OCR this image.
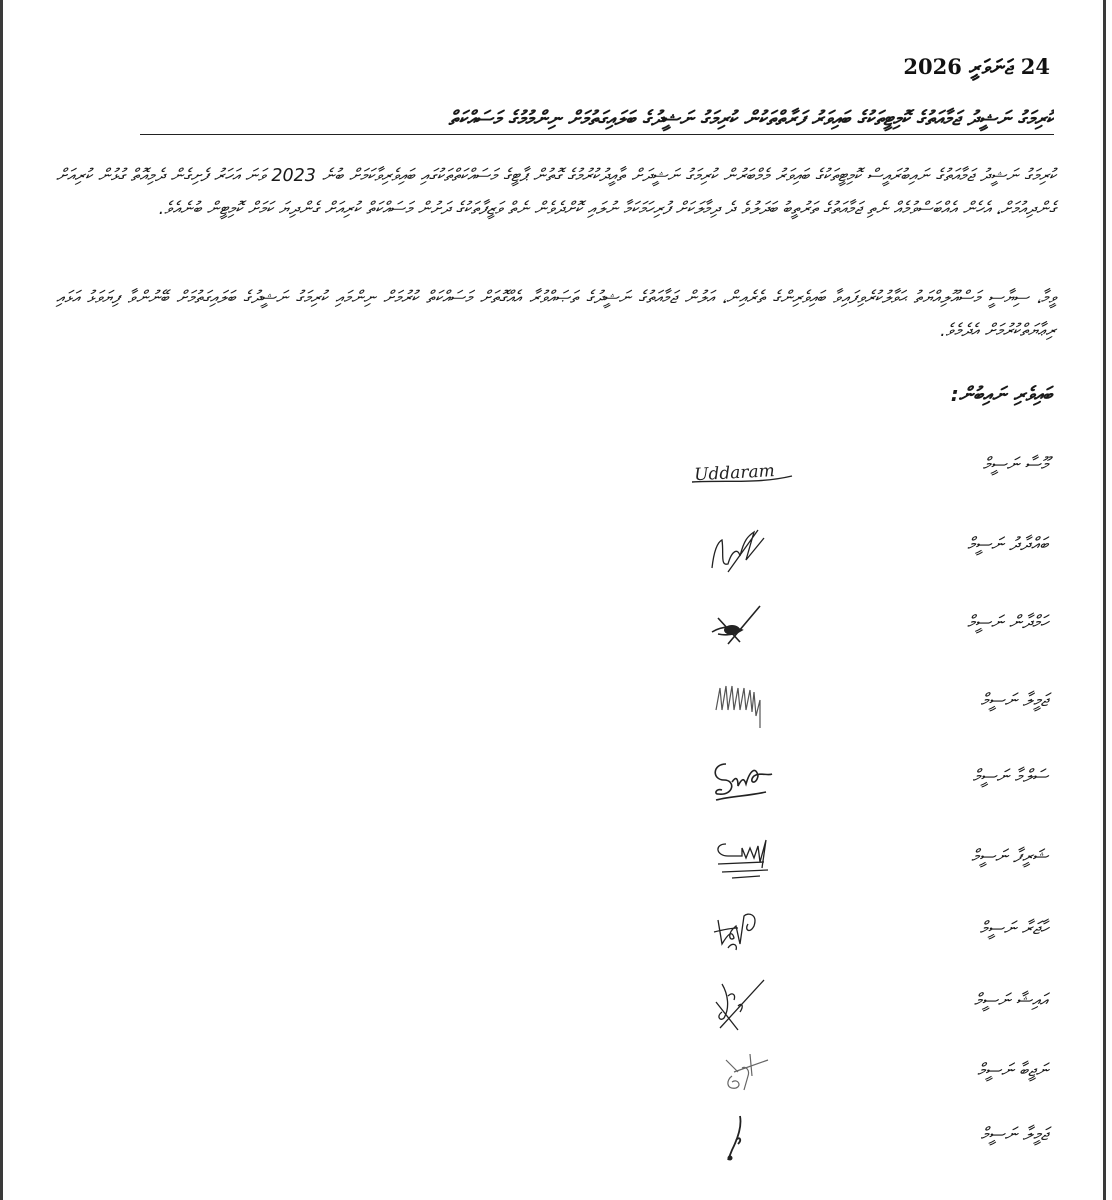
24 ޖަނަވަރީ 2026
ކުރިމަގު ނަޝީދު ޖަމާއަތުގެ ކޮމިޓީތަކުގެ ބައިވަރު ފަރާތްތަކުން ކުރިމަގު ނަޝީދުގެ ބަލައިގަތުމަށް ނިންމުމުގެ މަސައްކަތް
ކުރިމަގު ނަޝީދު ޖަމާއަތުގެ ނައިބުރައީސް ކޮމިޓީތަކުގެ ބައިވަރު މެމްބަރުން ކުރިމަގު ނަޝީދަށް ތާއީދުކުރުމުގެ ގޮތުން ޕާޓީގެ މަސައްކަތްތަކުގައި ބައިވެރިވާކަމަށް ބުނެ 2023 ވަނަ އަހަރު ފެށިގެން ދެމިއޮތް ގުޅުން ކުރިއަށް ގެންދިއުމަށް، އެހެން އެއްބަސްވުމެއް ނެތި ޖަމާއަތުގެ ތަރުތީބު ބަދަލުވެ ދެ ދިމާލަކަށް ފުރިހަމަކަމާ ނުލައި ކޮށްދެވެން ނެތް ވަޒީފާތަކުގެ ދަށުން މަސައްކަތް ކުރިއަށް ގެންދިޔަ ކަމަށް ކޮމިޓީން ބުނެއެވެ.
ވީމާ، ސިޔާސީ މަސްއޫލިއްޔަތު ޙަވާލުކުރެވިފައިވާ ބައިވެރިންގެ ތެރެއިން، އަލުން ޖަމާއަތުގެ ނަޝީދުގެ ތަޞައްވުރާ އެއްގޮތަށް މަސައްކަތް ކުރުމަށް ނިންމައި ކުރިމަގު ނަޝީދުގެ ބަލައިގަތުމަށް ބޭނުންވާ ފިޔަވަޅު އަޅައި ރިޢާޔަތްކުރުމަށް އެދެމެވެ.
ބައިވެރި ނައިބުން:
މޫސާ ނަސީމް
Uddaram
ބައްދާދު ނަސީމް
ހަމްދާން ނަސީމް
ޖަމީލާ ނަސީމް
ސަލްމާ ނަސީމް
ޝަރީފާ ނަސީމް
ހާޖަރާ ނަސީމް
އައިޝާ ނަސީމް
ނަޖީބާ ނަސީމް
ޖަމީލާ ނަސީމް
